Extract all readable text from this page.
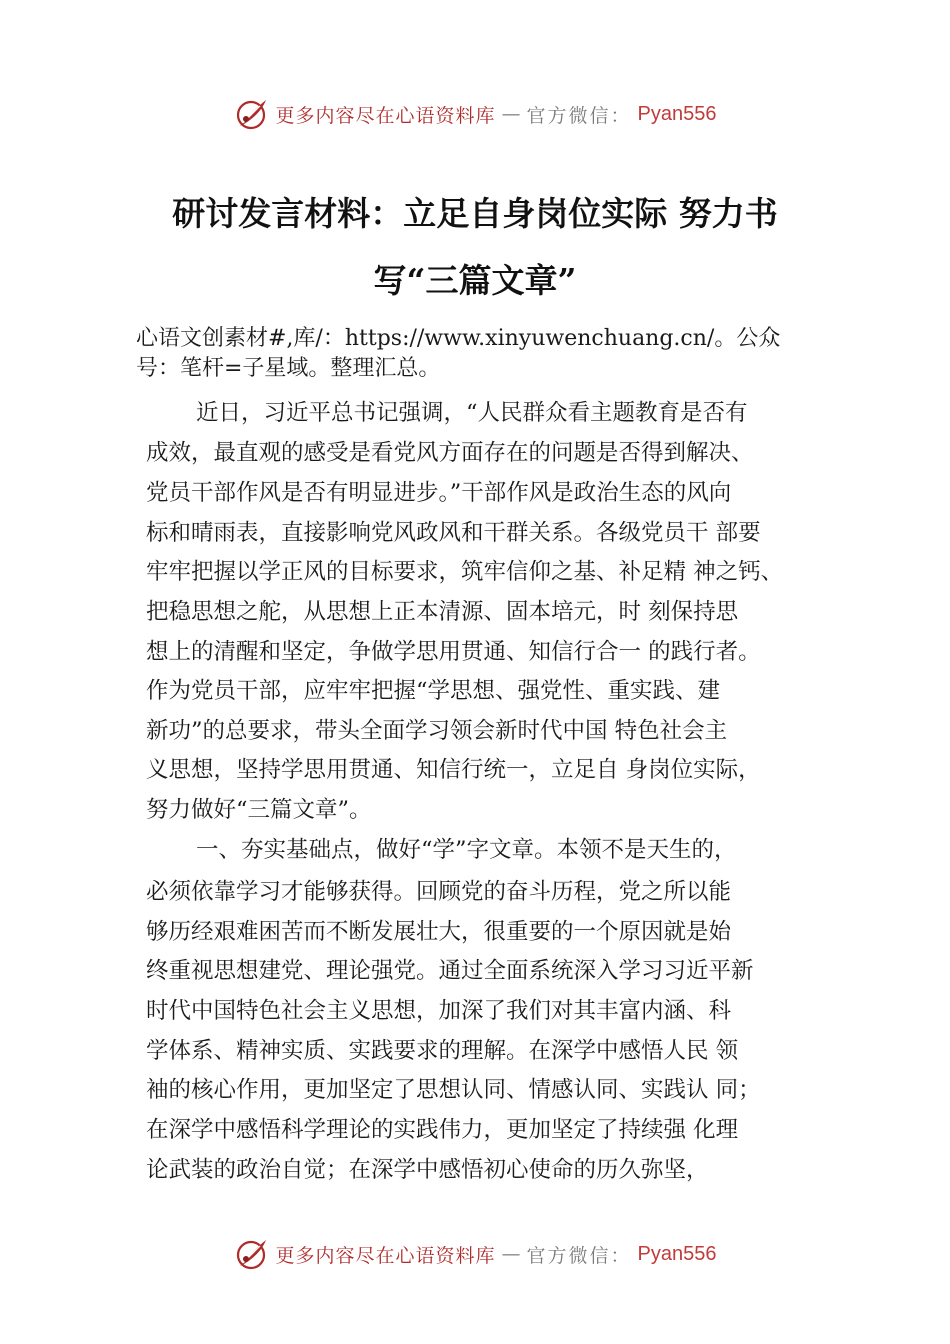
更多内容尽在心语资料库 — 官方微信： Pyan556
研讨发言材料：立足自身岗位实际 努力书
写“三篇文章”

心语文创素材#,库/：https://www.xinyuwenchuang.cn/。公众

号：笔杆=子星域。整理汇总。

近日，习近平总书记强调，“人民群众看主题教育是否有

成效，最直观的感受是看党风方面存在的问题是否得到解决、

党员干部作风是否有明显进步。”干部作风是政治生态的风向

标和晴雨表，直接影响党风政风和干群关系。各级党员干 部要

牢牢把握以学正风的目标要求，筑牢信仰之基、补足精 神之钙、

把稳思想之舵，从思想上正本清源、固本培元，时 刻保持思

想上的清醒和坚定，争做学思用贯通、知信行合一 的践行者。

作为党员干部，应牢牢把握“学思想、强党性、重实践、建

新功”的总要求，带头全面学习领会新时代中国 特色社会主

义思想，坚持学思用贯通、知信行统一，立足自 身岗位实际，

努力做好“三篇文章”。

一、夯实基础点，做好“学”字文章。本领不是天生的，

必须依靠学习才能够获得。回顾党的奋斗历程，党之所以能

够历经艰难困苦而不断发展壮大，很重要的一个原因就是始

终重视思想建党、理论强党。通过全面系统深入学习习近平新

时代中国特色社会主义思想，加深了我们对其丰富内涵、科

学体系、精神实质、实践要求的理解。在深学中感悟人民 领

袖的核心作用，更加坚定了思想认同、情感认同、实践认 同；

在深学中感悟科学理论的实践伟力，更加坚定了持续强 化理

论武装的政治自觉；在深学中感悟初心使命的历久弥坚，

更多内容尽在心语资料库 — 官方微信： Pyan556
